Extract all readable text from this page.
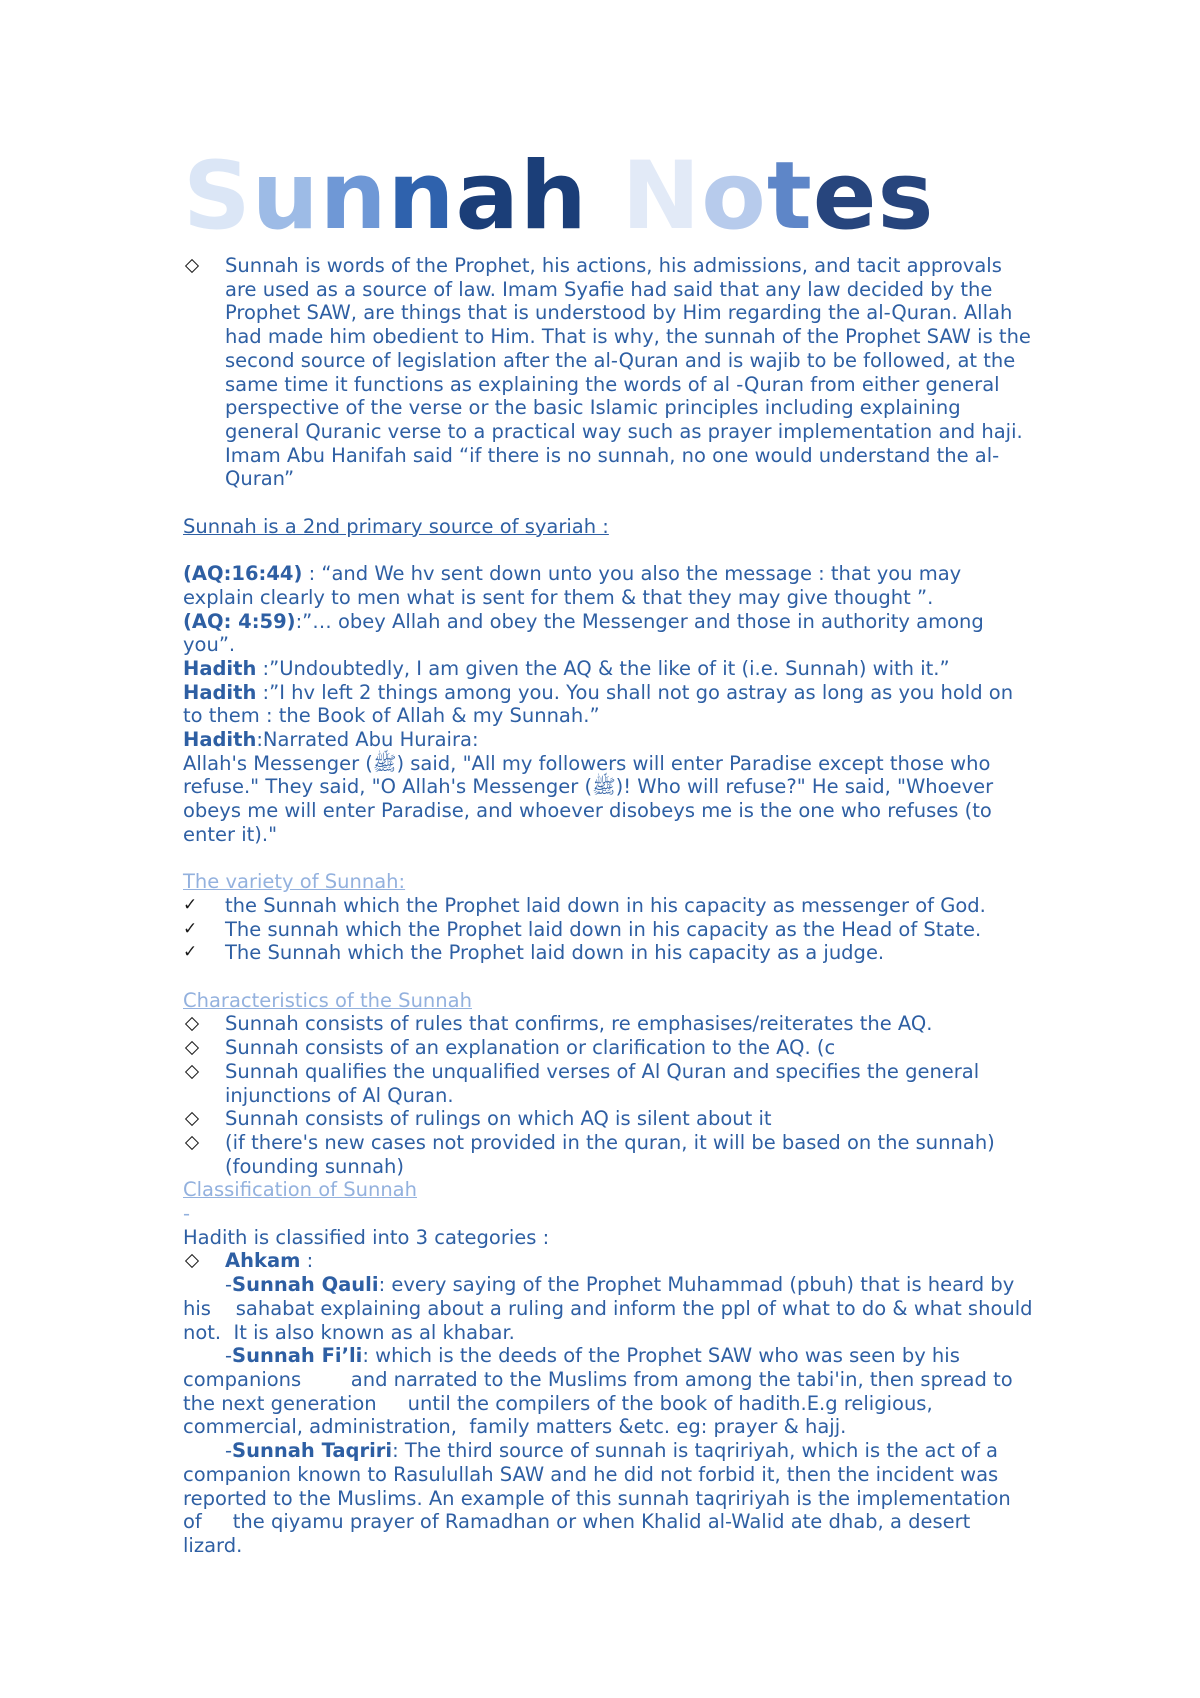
Sunnah Notes
Sunnah is words of the Prophet, his actions, his admissions, and tacit approvals are used as a source of law. Imam Syafie had said that any law decided by the Prophet SAW, are things that is understood by Him regarding the al-Quran. Allah had made him obedient to Him. That is why, the sunnah of the Prophet SAW is the second source of legislation after the al-Quran and is wajib to be followed, at the same time it functions as explaining the words of al -Quran from either general perspective of the verse or the basic Islamic principles including explaining general Quranic verse to a practical way such as prayer implementation and haji. Imam Abu Hanifah said “if there is no sunnah, no one would understand the al-Quran”

Sunnah is a 2nd primary source of syariah :

(AQ:16:44) : “and We hv sent down unto you also the message : that you may explain clearly to men what is sent for them & that they may give thought ”.

(AQ: 4:59):”… obey Allah and obey the Messenger and those in authority among you”.

Hadith :”Undoubtedly, I am given the AQ & the like of it (i.e. Sunnah) with it.”

Hadith :”I hv left 2 things among you. You shall not go astray as long as you hold on to them : the Book of Allah & my Sunnah.”

Hadith:Narrated Abu Huraira:

Allah's Messenger (ﷺ) said, "All my followers will enter Paradise except those who refuse." They said, "O Allah's Messenger (ﷺ)! Who will refuse?" He said, "Whoever obeys me will enter Paradise, and whoever disobeys me is the one who refuses (to enter it)."

The variety of Sunnah:

✓ the Sunnah which the Prophet laid down in his capacity as messenger of God.
✓ The sunnah which the Prophet laid down in his capacity as the Head of State.
✓ The Sunnah which the Prophet laid down in his capacity as a judge.

Characteristics of the Sunnah

Sunnah consists of rules that confirms, re emphasises/reiterates the AQ.
Sunnah consists of an explanation or clarification to the AQ. (c
Sunnah qualifies the unqualified verses of Al Quran and specifies the general injunctions of Al Quran.
Sunnah consists of rulings on which AQ is silent about it
(if there's new cases not provided in the quran, it will be based on the sunnah) (founding sunnah)

Classification of Sunnah

-

Hadith is classified into 3 categories :

Ahkam :

-Sunnah Qauli: every saying of the Prophet Muhammad (pbuh) that is heard by his    sahabat explaining about a ruling and inform the ppl of what to do & what should not.  It is also known as al khabar.

-Sunnah Fi’li: which is the deeds of the Prophet SAW who was seen by his companions        and narrated to the Muslims from among the tabi'in, then spread to the next generation     until the compilers of the book of hadith.E.g religious, commercial, administration,  family matters &etc. eg: prayer & hajj.

-Sunnah Taqriri: The third source of sunnah is taqririyah, which is the act of a     companion known to Rasulullah SAW and he did not forbid it, then the incident was       reported to the Muslims. An example of this sunnah taqririyah is the implementation of     the qiyamu prayer of Ramadhan or when Khalid al-Walid ate dhab, a desert lizard.
